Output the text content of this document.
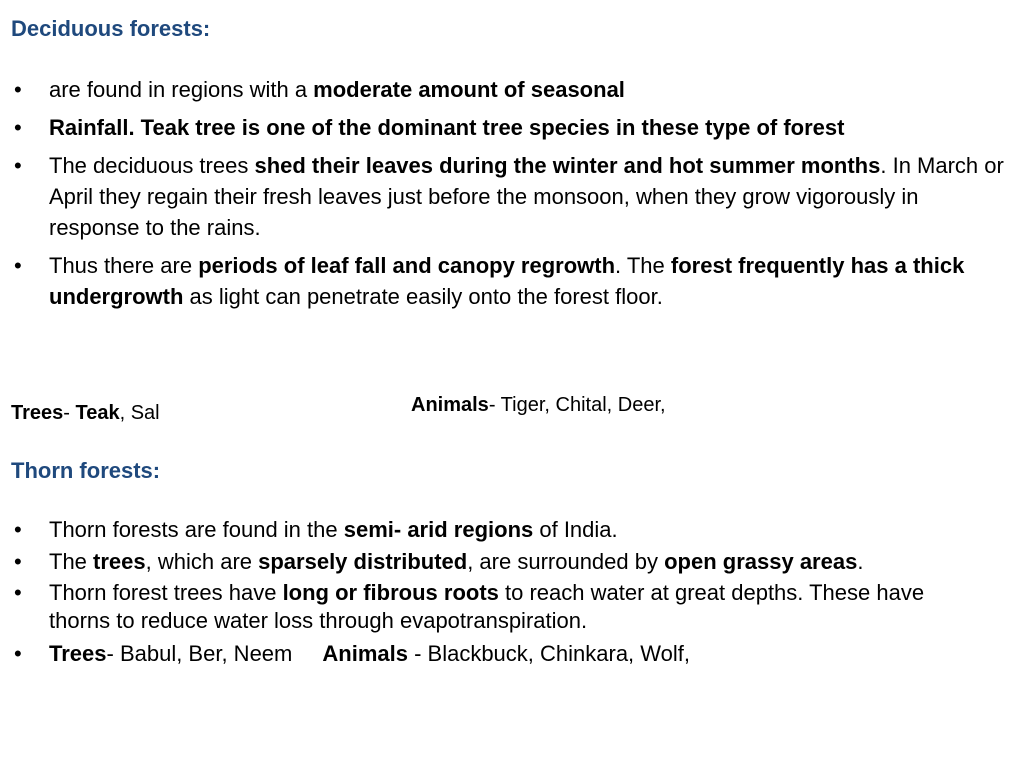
Deciduous forests:
• are found in regions with a moderate amount of seasonal
• Rainfall. Teak tree is one of the dominant tree species in these type of forest
• The deciduous trees shed their leaves during the winter and hot summer months. In March or April they regain their fresh leaves just before the monsoon, when they grow vigorously in response to the rains.
• Thus there are periods of leaf fall and canopy regrowth. The forest frequently has a thick undergrowth as light can penetrate easily onto the forest floor.

Trees- Teak, Sal	Animals- Tiger, Chital, Deer,

Thorn forests:
• Thorn forests are found in the semi- arid regions of India.
• The trees, which are sparsely distributed, are surrounded by open grassy areas.
• Thorn forest trees have long or fibrous roots to reach water at great depths. These have thorns to reduce water loss through evapotranspiration.
• Trees- Babul, Ber, Neem Animals - Blackbuck, Chinkara, Wolf,
